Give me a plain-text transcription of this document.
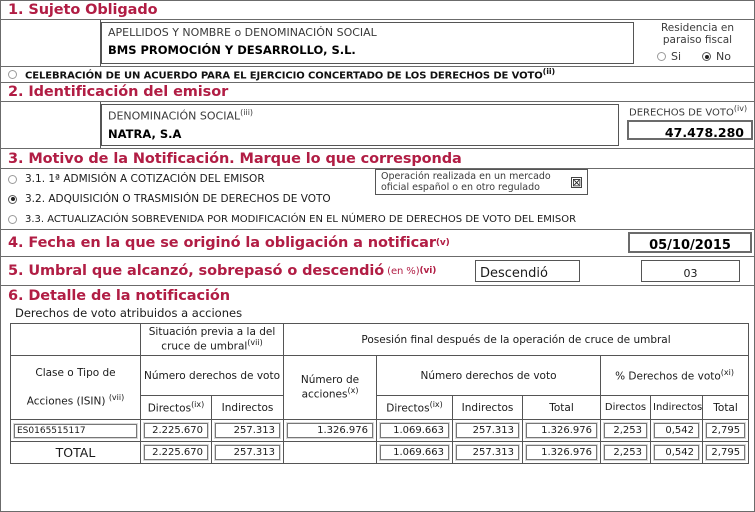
1. Sujeto Obligado
APELLIDOS Y NOMBRE o DENOMINACIÓN SOCIAL
BMS PROMOCIÓN Y DESARROLLO, S.L.
Residencia en
paraiso fiscal
Si	No
CELEBRACIÓN DE UN ACUERDO PARA EL EJERCICIO CONCERTADO DE LOS DERECHOS DE VOTO$^{(ii)}$
2. Identificación del emisor
DENOMINACIÓN SOCIAL$^{(iii)}$
NATRA, S.A
DERECHOS DE VOTO$^{(iv)}$
47.478.280
3. Motivo de la Notificación. Marque lo que corresponda
3.1. 1ª ADMISIÓN A COTIZACIÓN DEL EMISOR
3.2. ADQUISICIÓN O TRASMISIÓN DE DERECHOS DE VOTO
3.3. ACTUALIZACIÓN SOBREVENIDA POR MODIFICACIÓN EN EL NÚMERO DE DERECHOS DE VOTO DEL EMISOR
Operación realizada en un mercado
oficial español o en otro regulado	⊠
4. Fecha en la que se originó la obligación a notificar (v)	05/10/2015
5. Umbral que alcanzó, sobrepasó o descendió (en %) (vi)	Descendió	03
6. Detalle de la notificación
Derechos de voto atribuidos a acciones
	Situación previa a la del
cruce de umbral$^{(vii)}$		Posesión final después de la operación de cruce de umbral						

Clase o Tipo de
Acciones (ISIN) $^{(vii)}$
	Número derechos de voto	Número de
acciones$^{(x)}$	Número derechos de voto	% Derechos de voto$^{(xi)}$
	Directos$^{(ix)}$	Indirectos		Directos$^{(ix)}$	Indirectos	Total	Directos	Indirectos	Total

ES0165515117	2.225.670	257.313	1.326.976	1.069.663	257.313	1.326.976	2,253	0,542	2,795

TOTAL	2.225.670	257.313		1.069.663	257.313	1.326.976	2,253	0,542	2,795
